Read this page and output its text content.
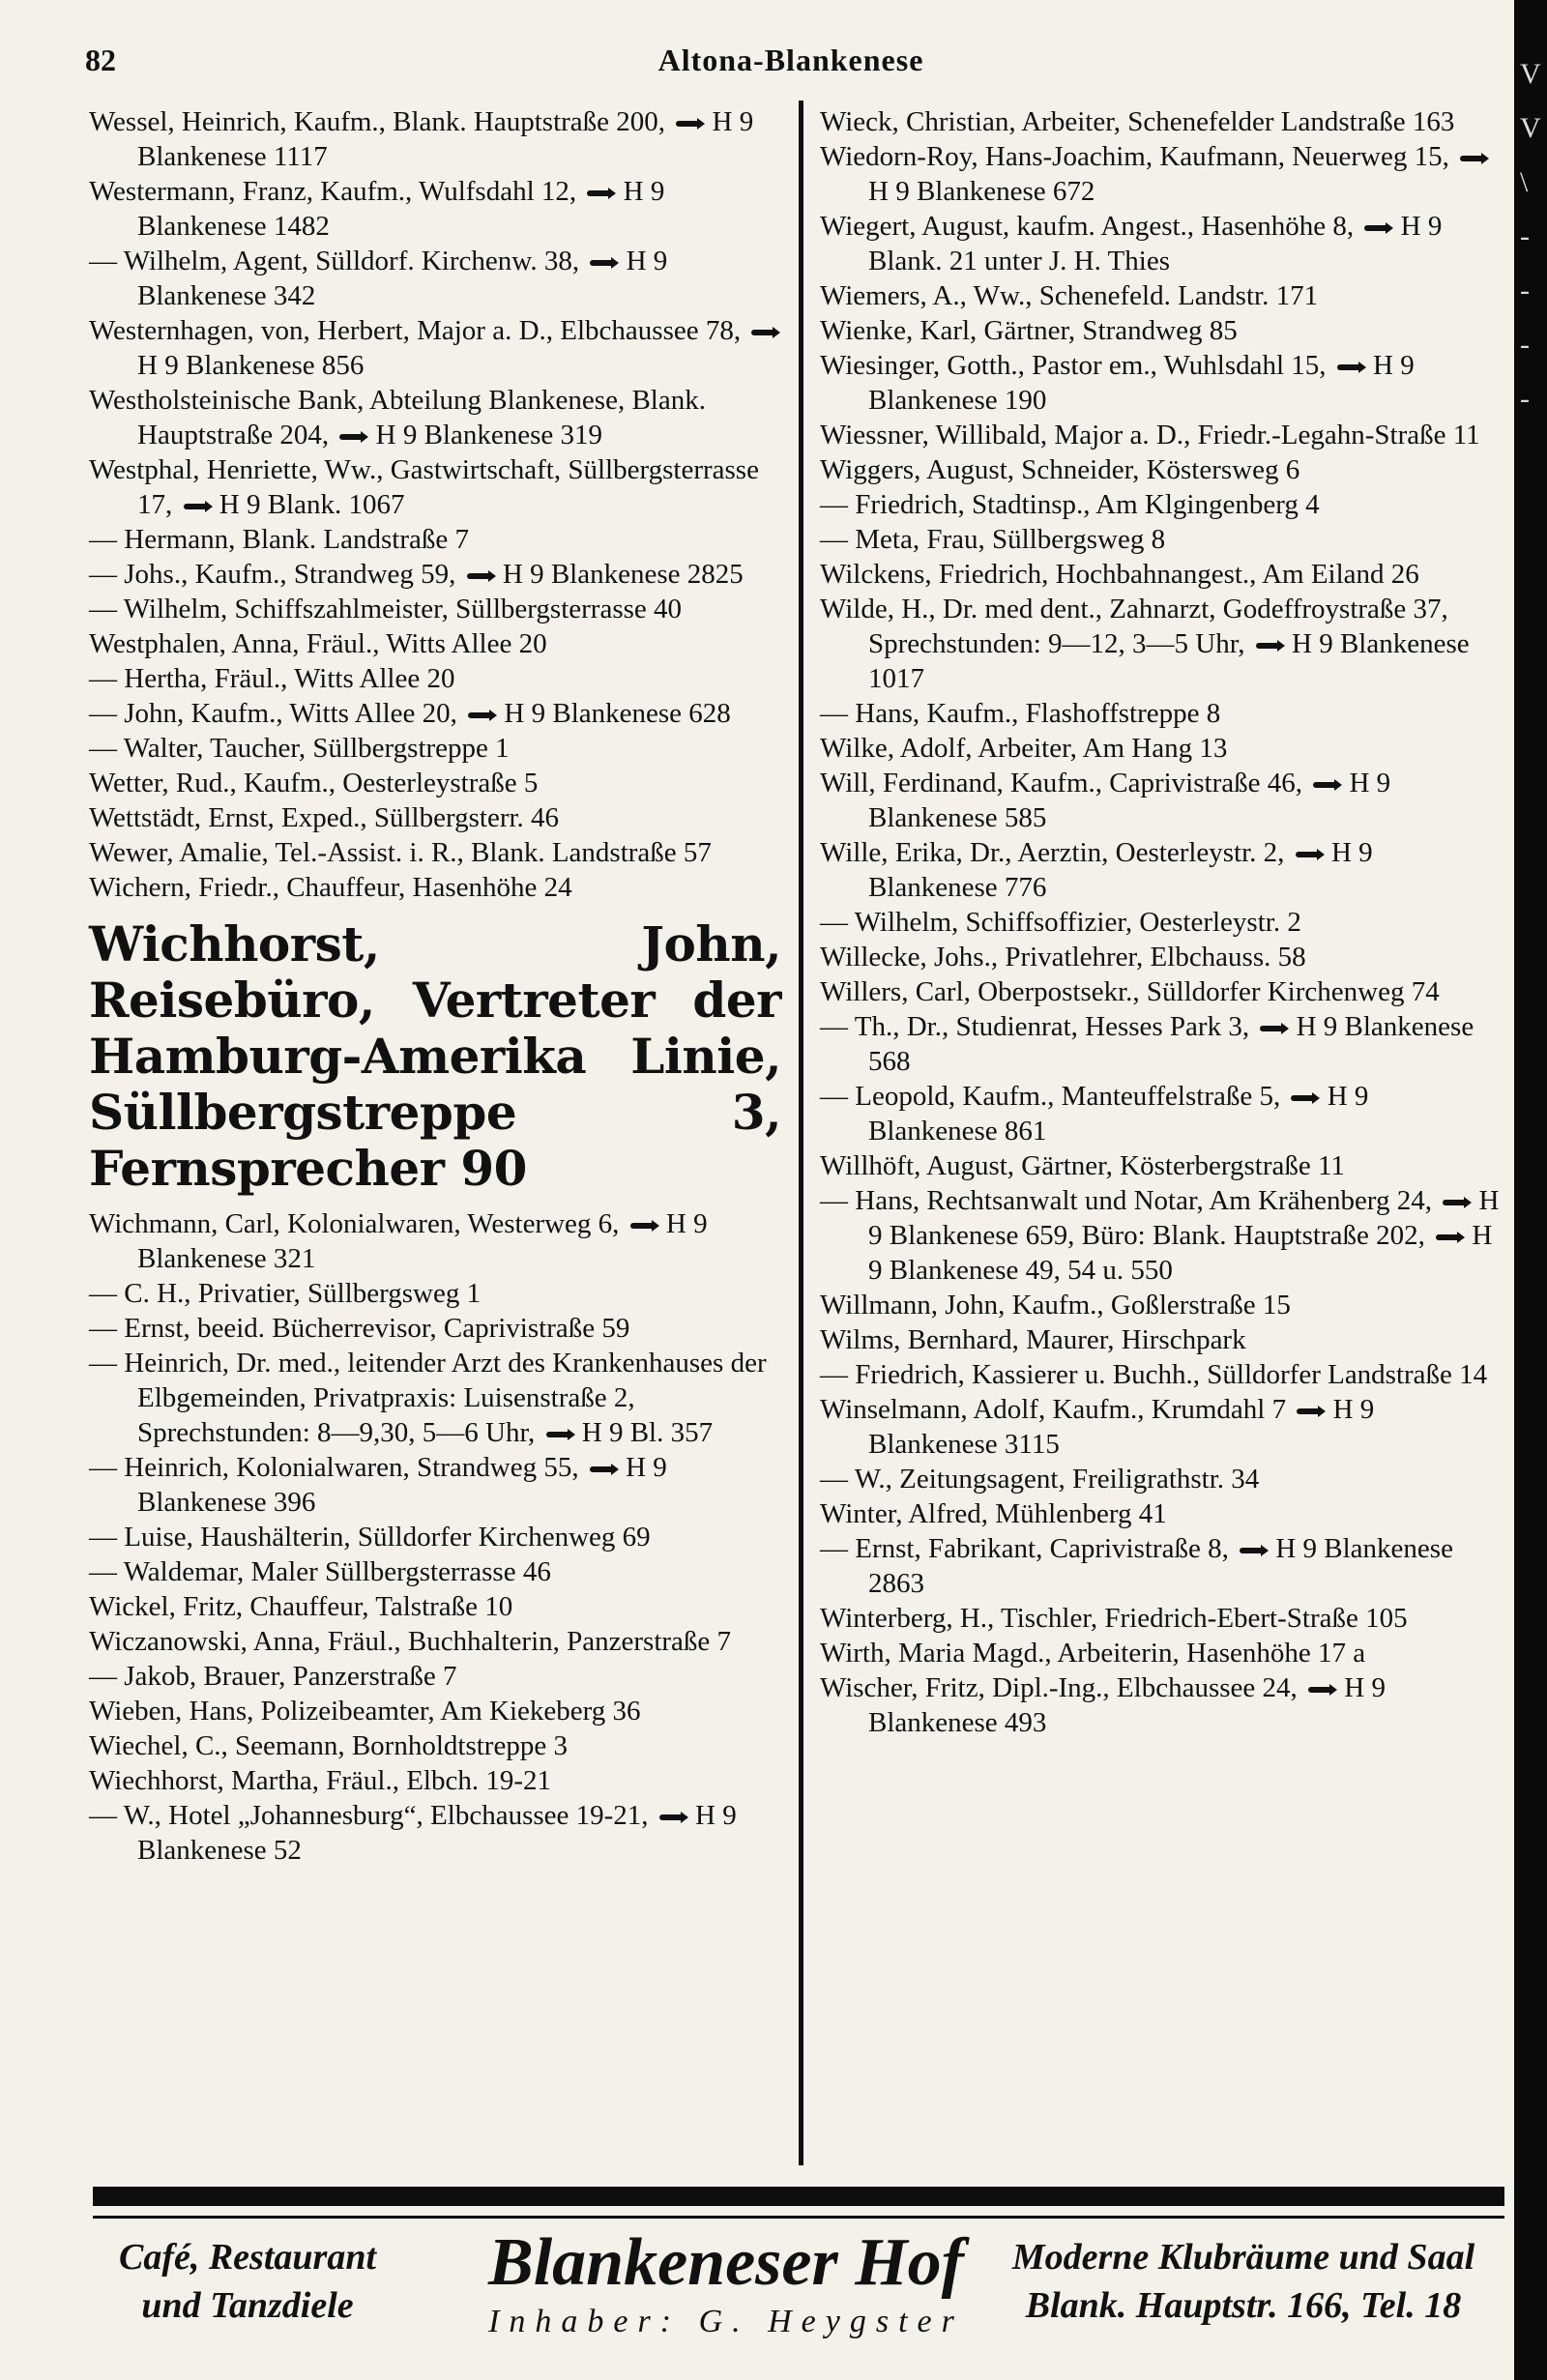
82	Altona‑Blankenese
Wessel, Heinrich, Kaufm., Blank. Hauptstraße 200,  H 9 Blankenese 1117
Westermann, Franz, Kaufm., Wulfsdahl 12,  H 9 Blankenese 1482
— Wilhelm, Agent, Sülldorf. Kirchenw. 38,  H 9 Blankenese 342
Westernhagen, von, Herbert, Major a. D., Elbchaussee 78,  H 9 Blankenese 856
Westholsteinische Bank, Abteilung Blankenese, Blank. Hauptstraße 204,  H 9 Blankenese 319
Westphal, Henriette, Ww., Gastwirtschaft, Süllbergsterrasse 17,  H 9 Blank. 1067
— Hermann, Blank. Landstraße 7
— Johs., Kaufm., Strandweg 59,  H 9 Blankenese 2825
— Wilhelm, Schiffszahlmeister, Süllbergsterrasse 40
Westphalen, Anna, Fräul., Witts Allee 20
— Hertha, Fräul., Witts Allee 20
— John, Kaufm., Witts Allee 20,  H 9 Blankenese 628
— Walter, Taucher, Süllbergstreppe 1
Wetter, Rud., Kaufm., Oesterleystraße 5
Wettstädt, Ernst, Exped., Süllbergsterr. 46
Wewer, Amalie, Tel.-Assist. i. R., Blank. Landstraße 57
Wichern, Friedr., Chauffeur, Hasenhöhe 24
Wichhorst, John, Reisebüro, Vertreter der Hamburg-Amerika Linie, Süllbergstreppe 3, Fernsprecher 90
Wichmann, Carl, Kolonialwaren, Westerweg 6,  H 9 Blankenese 321
— C. H., Privatier, Süllbergsweg 1
— Ernst, beeid. Bücherrevisor, Caprivistraße 59
— Heinrich, Dr. med., leitender Arzt des Krankenhauses der Elbgemeinden, Privatpraxis: Luisenstraße 2, Sprechstunden: 8—9,30, 5—6 Uhr,  H 9 Bl. 357
— Heinrich, Kolonialwaren, Strandweg 55,  H 9 Blankenese 396
— Luise, Haushälterin, Sülldorfer Kirchenweg 69
— Waldemar, Maler Süllbergsterrasse 46
Wickel, Fritz, Chauffeur, Talstraße 10
Wiczanowski, Anna, Fräul., Buchhalterin, Panzerstraße 7
— Jakob, Brauer, Panzerstraße 7
Wieben, Hans, Polizeibeamter, Am Kiekeberg 36
Wiechel, C., Seemann, Bornholdtstreppe 3
Wiechhorst, Martha, Fräul., Elbch. 19-21
— W., Hotel „Johannesburg“, Elbchaussee 19-21,  H 9 Blankenese 52
Wieck, Christian, Arbeiter, Schenefelder Landstraße 163
Wiedorn-Roy, Hans-Joachim, Kaufmann, Neuerweg 15,  H 9 Blankenese 672
Wiegert, August, kaufm. Angest., Hasenhöhe 8,  H 9 Blank. 21 unter J. H. Thies
Wiemers, A., Ww., Schenefeld. Landstr. 171
Wienke, Karl, Gärtner, Strandweg 85
Wiesinger, Gotth., Pastor em., Wuhlsdahl 15,  H 9 Blankenese 190
Wiessner, Willibald, Major a. D., Friedr.-Legahn-Straße 11
Wiggers, August, Schneider, Köstersweg 6
— Friedrich, Stadtinsp., Am Klgingenberg 4
— Meta, Frau, Süllbergsweg 8
Wilckens, Friedrich, Hochbahnangest., Am Eiland 26
Wilde, H., Dr. med dent., Zahnarzt, Godeffroystraße 37, Sprechstunden: 9—12, 3—5 Uhr,  H 9 Blankenese 1017
— Hans, Kaufm., Flashoffstreppe 8
Wilke, Adolf, Arbeiter, Am Hang 13
Will, Ferdinand, Kaufm., Caprivistraße 46,  H 9 Blankenese 585
Wille, Erika, Dr., Aerztin, Oesterleystr. 2,  H 9 Blankenese 776
— Wilhelm, Schiffsoffizier, Oesterleystr. 2
Willecke, Johs., Privatlehrer, Elbchauss. 58
Willers, Carl, Oberpostsekr., Sülldorfer Kirchenweg 74
— Th., Dr., Studienrat, Hesses Park 3,  H 9 Blankenese 568
— Leopold, Kaufm., Manteuffelstraße 5,  H 9 Blankenese 861
Willhöft, August, Gärtner, Kösterbergstraße 11
— Hans, Rechtsanwalt und Notar, Am Krähenberg 24,  H 9 Blankenese 659, Büro: Blank. Hauptstraße 202,  H 9 Blankenese 49, 54 u. 550
Willmann, John, Kaufm., Goßlerstraße 15
Wilms, Bernhard, Maurer, Hirschpark
— Friedrich, Kassierer u. Buchh., Sülldorfer Landstraße 14
Winselmann, Adolf, Kaufm., Krumdahl 7  H 9 Blankenese 3115
— W., Zeitungsagent, Freiligrathstr. 34
Winter, Alfred, Mühlenberg 41
— Ernst, Fabrikant, Caprivistraße 8,  H 9 Blankenese 2863
Winterberg, H., Tischler, Friedrich-Ebert-Straße 105
Wirth, Maria Magd., Arbeiterin, Hasenhöhe 17 a
Wischer, Fritz, Dipl.-Ing., Elbchaussee 24,  H 9 Blankenese 493
Café, Restaurant und Tanzdiele
Blankeneser Hof
Inhaber: G. Heygster
Moderne Klubräume und Saal Blank. Hauptstr. 166, Tel. 18
V
V
\
-
-
-
-
